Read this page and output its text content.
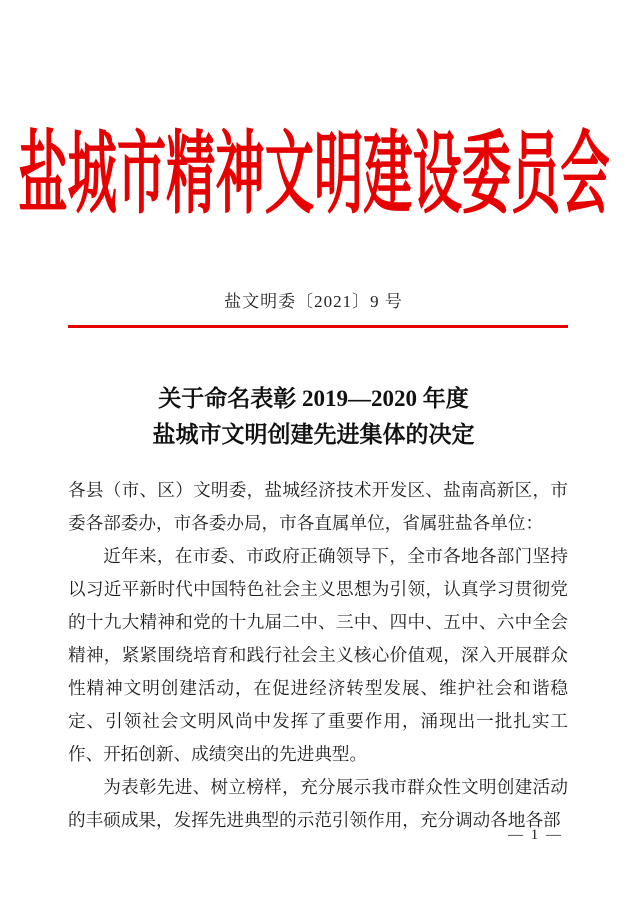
盐城市精神文明建设委员会
盐文明委〔2021〕9 号
关于命名表彰 2019—2020 年度
盐城市文明创建先进集体的决定

各县（市、区）文明委，盐城经济技术开发区、盐南高新区，市委各部委办，市各委办局，市各直属单位，省属驻盐各单位：

近年来，在市委、市政府正确领导下，全市各地各部门坚持以习近平新时代中国特色社会主义思想为引领，认真学习贯彻党的十九大精神和党的十九届二中、三中、四中、五中、六中全会精神，紧紧围绕培育和践行社会主义核心价值观，深入开展群众性精神文明创建活动，在促进经济转型发展、维护社会和谐稳定、引领社会文明风尚中发挥了重要作用，涌现出一批扎实工作、开拓创新、成绩突出的先进典型。

为表彰先进、树立榜样，充分展示我市群众性文明创建活动的丰硕成果，发挥先进典型的示范引领作用，充分调动各地各部

— 1 —
